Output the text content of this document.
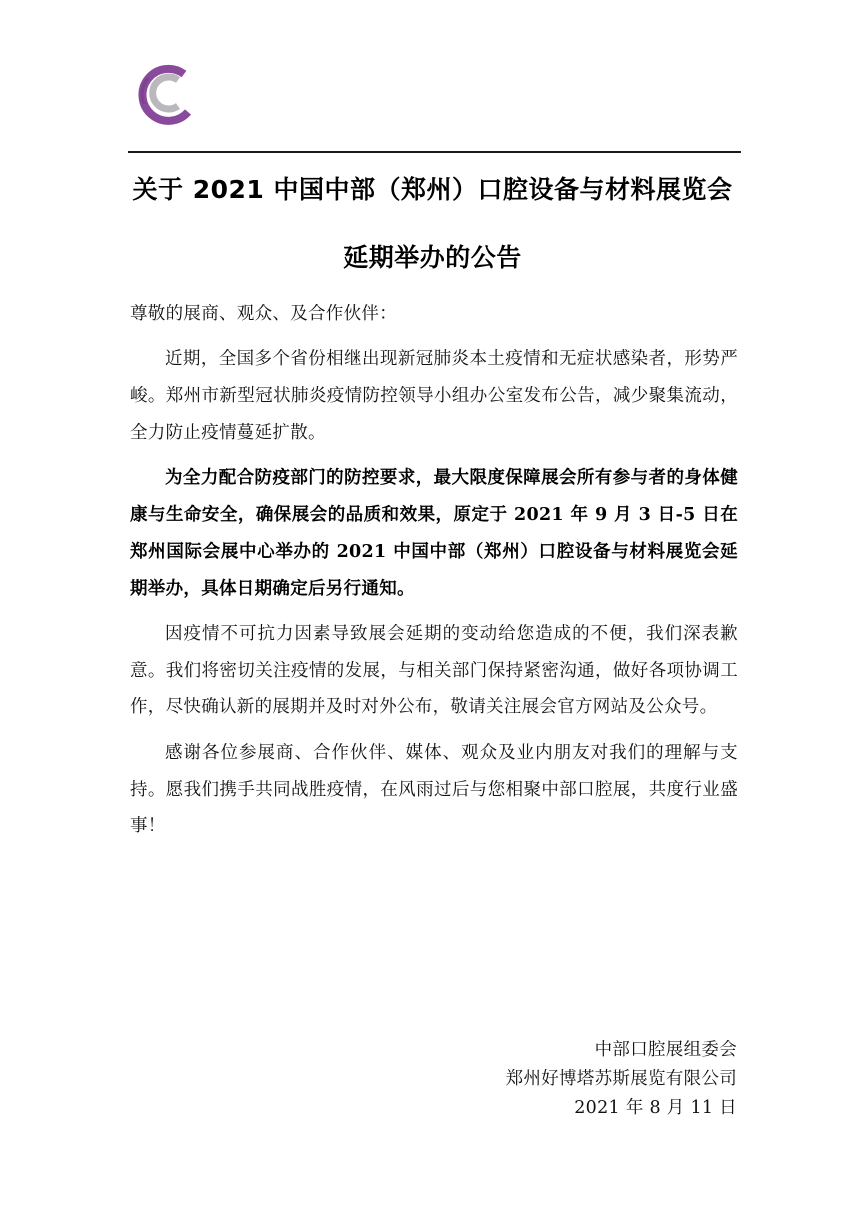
关于 2021 中国中部（郑州）口腔设备与材料展览会
延期举办的公告

尊敬的展商、观众、及合作伙伴：

近期，全国多个省份相继出现新冠肺炎本土疫情和无症状感染者，形势严峻。郑州市新型冠状肺炎疫情防控领导小组办公室发布公告，减少聚集流动，全力防止疫情蔓延扩散。

为全力配合防疫部门的防控要求，最大限度保障展会所有参与者的身体健康与生命安全，确保展会的品质和效果，原定于 2021 年 9 月 3 日-5 日在郑州国际会展中心举办的 2021 中国中部（郑州）口腔设备与材料展览会延期举办，具体日期确定后另行通知。

因疫情不可抗力因素导致展会延期的变动给您造成的不便，我们深表歉意。我们将密切关注疫情的发展，与相关部门保持紧密沟通，做好各项协调工作，尽快确认新的展期并及时对外公布，敬请关注展会官方网站及公众号。

感谢各位参展商、合作伙伴、媒体、观众及业内朋友对我们的理解与支持。愿我们携手共同战胜疫情，在风雨过后与您相聚中部口腔展，共度行业盛事！

中部口腔展组委会
郑州好博塔苏斯展览有限公司
2021 年 8 月 11 日
